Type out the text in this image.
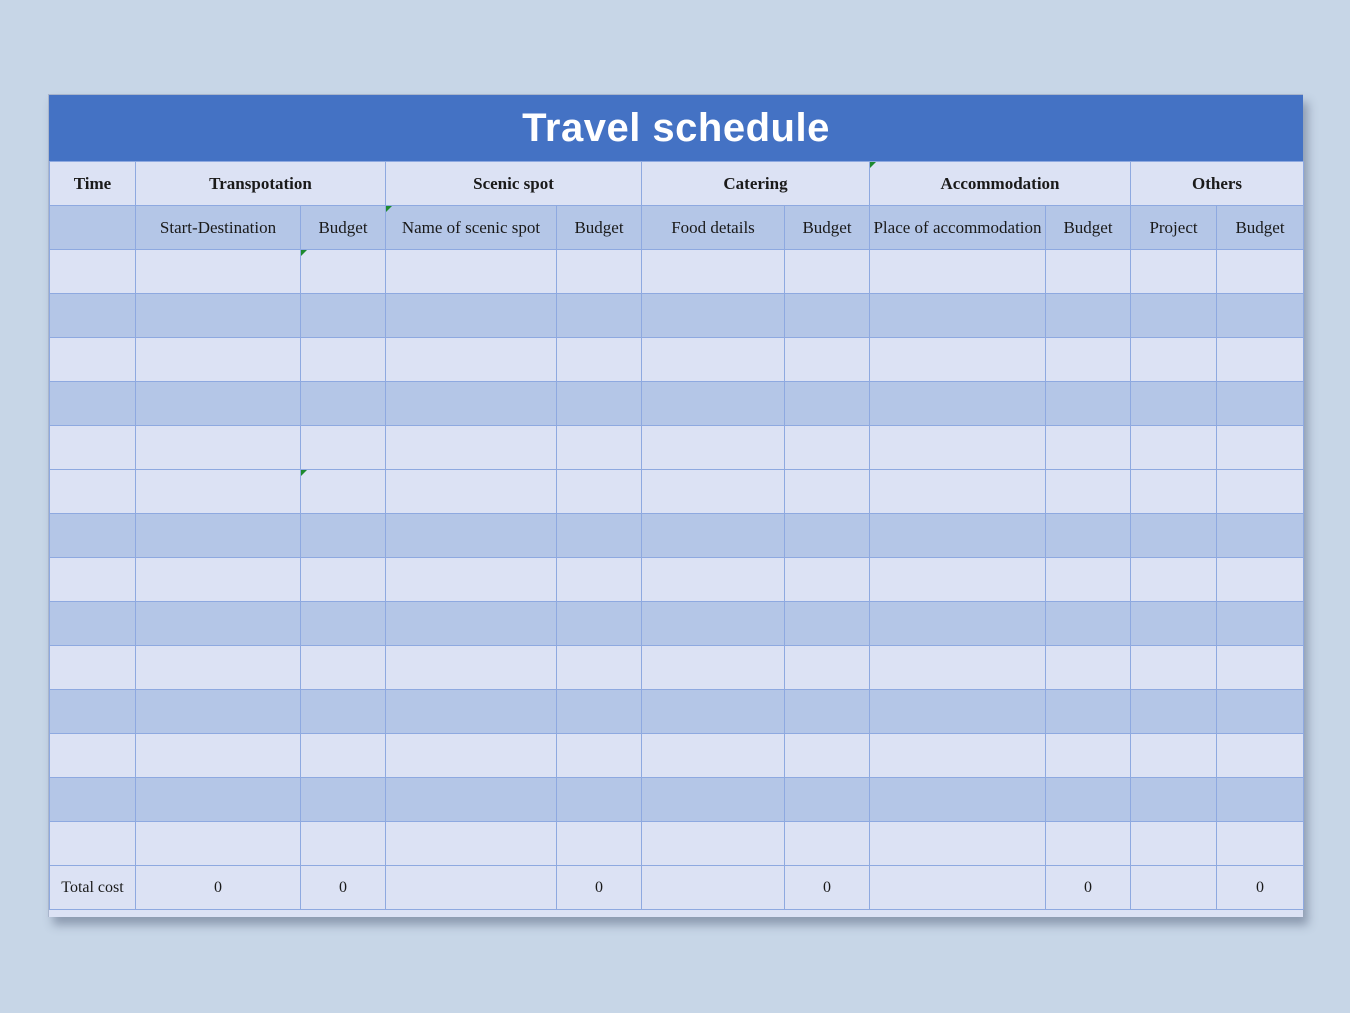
Travel schedule
Time	Transpotation		Scenic spot		Catering		Accommodation		Others	
	Start-Destination	Budget	Name of scenic spot	Budget	Food details	Budget	Place of accommodation	Budget	Project	Budget

Total cost	0	0		0		0		0		0
